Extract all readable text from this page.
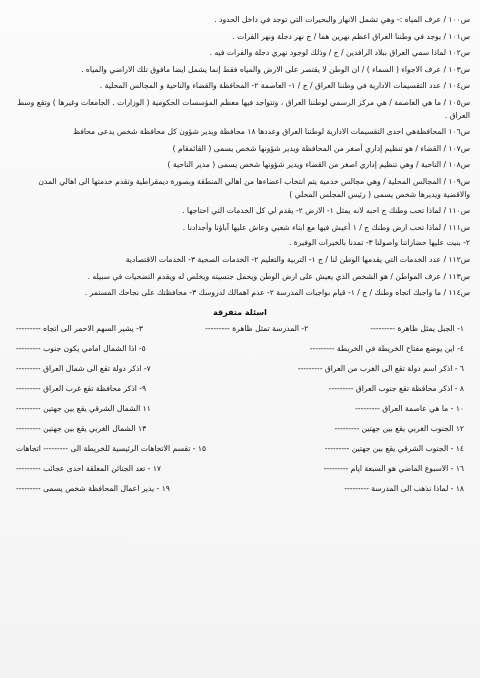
س١٠٠ / عرف المياه :- وهي تشمل الانهار والبحيرات التي توجد في داخل الحدود .

س١٠١ / يوجد في وطننا العراق اعظم نهرين هما / ج نهر دجلة ونهر الفرات .

س١٠٢ لماذا سمي العراق ببلاد الرافدين / ج / وذلك لوجود نهري دجلة والفرات فيه .

س١٠٣ / عرف الاجواء ( السماء ) / ان الوطن لا يقتصر على الارض والمياه فقط إنما يشمل ايضا مافوق تلك الاراضي والمياه .

س١٠٤ / عدد التقسيمات الادارية في وطننا العراق / ج / ١- العاصمة ٢- المحافظة والقضاء والناحية و المجالس المحلية .

س١٠٥ / ما هي العاصمة / هي مركز الرسمي لوطننا العراق ، وتتواجد فيها معظم المؤسسات الحكومية ( الوزارات . الجامعات وغيرها ) وتقع وسط العراق .

س١٠٦ المحافظةهي احدى التقسيمات الادارية لوطننا العراق وعددها ١٨ محافظة ويدير شؤون كل محافظة شخص يدعى محافظ

س١٠٧ / القضاء / هو تنظيم إداري أصغر من المحافظة ويدير شؤونها شخص يسمى ( القائمقام )

س١٠٨ / الناحية / وهي تنظيم إداري اصغر من القضاء ويدير شؤونها شخص يسمى ( مدير الناحية )

س١٠٩ / المجالس المحلية / وهي مجالس خدمية يتم انتخاب اعضاءها من اهالي المنطقة وبصورة ديمقراطية وتقدم خدمتها الى اهالي المدن والاقضية ويديرها شخص يسمى ( رئيس المجلس المحلي )

س١١٠ / لماذا تحب وطنك ج احبه لانه يمثل ١- الارض ٢- يقدم لي كل الخدمات التي احتاجها .

س١١١ / لماذا تحب ارض وطنك ج / ١ أعيش فيها مع ابناء شعبي وعاش عليها آباؤنا وأجدادنا .

٢- بنيت عليها حضاراتنا واصولنا ٣- تمدنا بالخيرات الوفيرة .

س١١٢ / عدد الخدمات التي يقدمها الوطن لنا / ج ١- التربية والتعليم ٢- الخدمات الصحية ٣- الخدمات الاقتصادية

س١١٣ / عرف المواطن / هو الشخص الذي يعيش على ارض الوطن ويحمل جنسيته ويخلص له ويقدم التضحيات في سبيله .

س١١٤ / ما واجبك اتجاه وطنك / ج / ١- قيام بواجبات المدرسة ٢- عدم اهمالك لدروسك ٣- محافظتك على نجاحك المستمر .

اسئلة متفرقة
١- الجبل يمثل ظاهرة ---------
٢- المدرسة تمثل ظاهرة ---------
٣- يشير السهم الاحمر الى اتجاه ---------
٤- اين يوضع مفتاح الخريطة في الخريطة ---------
٥- اذا الشمال امامي يكون جنوب ---------
٦ - اذكر اسم دولة تقع الى الغرب من العراق ---------
٧- اذكر دولة تقع الى شمال العراق ---------
٨ - اذكر محافظة تقع جنوب العراق ---------
٩- اذكر محافظة تقع غرب العراق ---------
١٠ - ما هي عاصمة العراق ---------
١١ الشمال الشرقي يقع بين جهتين ---------
١٢ الجنوب الغربي يقع بين جهتين ---------
١٣ الشمال الغربي يقع بين جهتين ---------
١٤ - الجنوب الشرقي يقع بين جهتين ---------
١٥ - تقسم الاتجاهات الرئيسية للخريطة الى --------- اتجاهات
١٦ - الاسبوع الماضي هو السبعة ايام ---------
١٧ - تعد الجنائن المعلقة احدى عجائب ---------
١٨ - لماذا نذهب الى المدرسة ---------
١٩ - يدير اعمال المحافظة شخص يسمى ---------
